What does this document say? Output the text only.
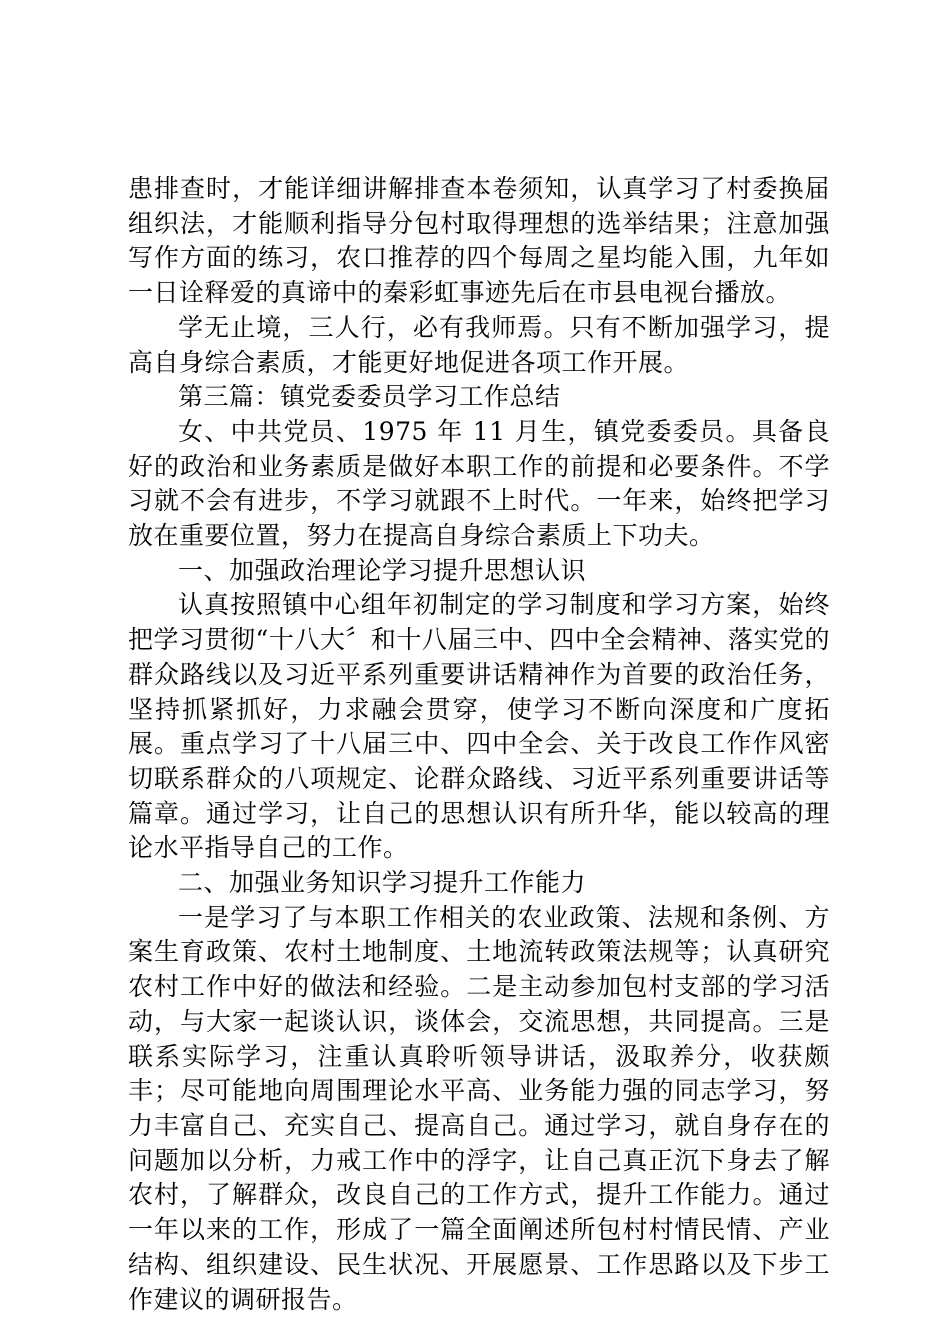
患排查时，才能详细讲解排查本卷须知，认真学习了村委换届组织法，才能顺利指导分包村取得理想的选举结果；注意加强写作方面的练习，农口推荐的四个每周之星均能入围，九年如一日诠释爱的真谛中的秦彩虹事迹先后在市县电视台播放。

学无止境，三人行，必有我师焉。只有不断加强学习，提高自身综合素质，才能更好地促进各项工作开展。

第三篇：镇党委委员学习工作总结

女、中共党员、1975 年 11 月生，镇党委委员。具备良好的政治和业务素质是做好本职工作的前提和必要条件。不学习就不会有进步，不学习就跟不上时代。一年来，始终把学习放在重要位置，努力在提高自身综合素质上下功夫。

一、加强政治理论学习提升思想认识

认真按照镇中心组年初制定的学习制度和学习方案，始终把学习贯彻“十八大〞和十八届三中、四中全会精神、落实党的群众路线以及习近平系列重要讲话精神作为首要的政治任务，坚持抓紧抓好，力求融会贯穿，使学习不断向深度和广度拓展。重点学习了十八届三中、四中全会、关于改良工作作风密切联系群众的八项规定、论群众路线、习近平系列重要讲话等篇章。通过学习，让自己的思想认识有所升华，能以较高的理论水平指导自己的工作。

二、加强业务知识学习提升工作能力

一是学习了与本职工作相关的农业政策、法规和条例、方案生育政策、农村土地制度、土地流转政策法规等；认真研究农村工作中好的做法和经验。二是主动参加包村支部的学习活动，与大家一起谈认识，谈体会，交流思想，共同提高。三是联系实际学习，注重认真聆听领导讲话，汲取养分，收获颇丰；尽可能地向周围理论水平高、业务能力强的同志学习，努力丰富自己、充实自己、提高自己。通过学习，就自身存在的问题加以分析，力戒工作中的浮字，让自己真正沉下身去了解农村，了解群众，改良自己的工作方式，提升工作能力。通过一年以来的工作，形成了一篇全面阐述所包村村情民情、产业结构、组织建设、民生状况、开展愿景、工作思路以及下步工作建议的调研报告。
